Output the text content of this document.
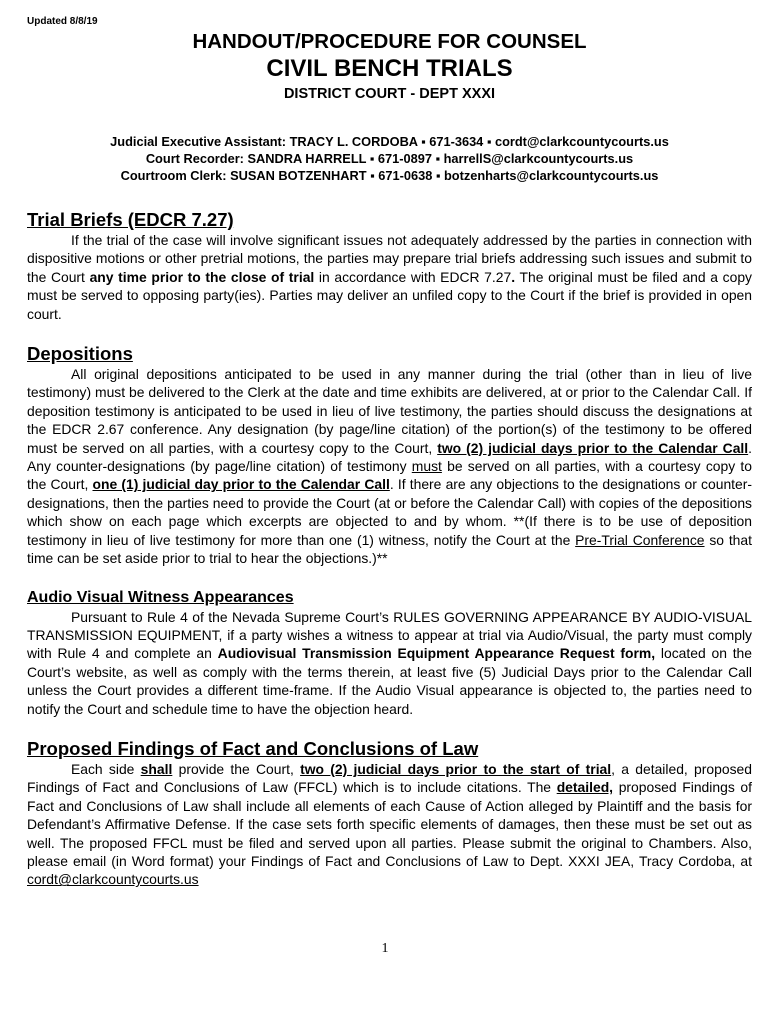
Updated 8/8/19
HANDOUT/PROCEDURE FOR COUNSEL
CIVIL BENCH TRIALS
DISTRICT COURT - DEPT XXXI
Judicial Executive Assistant: TRACY L. CORDOBA ▪ 671-3634 ▪ cordt@clarkcountycourts.us
Court Recorder: SANDRA HARRELL ▪ 671-0897 ▪ harrellS@clarkcountycourts.us
Courtroom Clerk: SUSAN BOTZENHART ▪ 671-0638 ▪ botzenharts@clarkcountycourts.us
Trial Briefs (EDCR 7.27)

If the trial of the case will involve significant issues not adequately addressed by the parties in connection with dispositive motions or other pretrial motions, the parties may prepare trial briefs addressing such issues and submit to the Court any time prior to the close of trial in accordance with EDCR 7.27. The original must be filed and a copy must be served to opposing party(ies). Parties may deliver an unfiled copy to the Court if the brief is provided in open court.

Depositions

All original depositions anticipated to be used in any manner during the trial (other than in lieu of live testimony) must be delivered to the Clerk at the date and time exhibits are delivered, at or prior to the Calendar Call. If deposition testimony is anticipated to be used in lieu of live testimony, the parties should discuss the designations at the EDCR 2.67 conference. Any designation (by page/line citation) of the portion(s) of the testimony to be offered must be served on all parties, with a courtesy copy to the Court, two (2) judicial days prior to the Calendar Call. Any counter-designations (by page/line citation) of testimony must be served on all parties, with a courtesy copy to the Court, one (1) judicial day prior to the Calendar Call. If there are any objections to the designations or counter-designations, then the parties need to provide the Court (at or before the Calendar Call) with copies of the depositions which show on each page which excerpts are objected to and by whom. **(If there is to be use of deposition testimony in lieu of live testimony for more than one (1) witness, notify the Court at the Pre-Trial Conference so that time can be set aside prior to trial to hear the objections.)**

Audio Visual Witness Appearances

Pursuant to Rule 4 of the Nevada Supreme Court’s RULES GOVERNING APPEARANCE BY AUDIO-VISUAL TRANSMISSION EQUIPMENT, if a party wishes a witness to appear at trial via Audio/Visual, the party must comply with Rule 4 and complete an Audiovisual Transmission Equipment Appearance Request form, located on the Court’s website, as well as comply with the terms therein, at least five (5) Judicial Days prior to the Calendar Call unless the Court provides a different time-frame. If the Audio Visual appearance is objected to, the parties need to notify the Court and schedule time to have the objection heard.

Proposed Findings of Fact and Conclusions of Law

Each side shall provide the Court, two (2) judicial days prior to the start of trial, a detailed, proposed Findings of Fact and Conclusions of Law (FFCL) which is to include citations. The detailed, proposed Findings of Fact and Conclusions of Law shall include all elements of each Cause of Action alleged by Plaintiff and the basis for Defendant’s Affirmative Defense. If the case sets forth specific elements of damages, then these must be set out as well. The proposed FFCL must be filed and served upon all parties. Please submit the original to Chambers. Also, please email (in Word format) your Findings of Fact and Conclusions of Law to Dept. XXXI JEA, Tracy Cordoba, at cordt@clarkcountycourts.us

1
